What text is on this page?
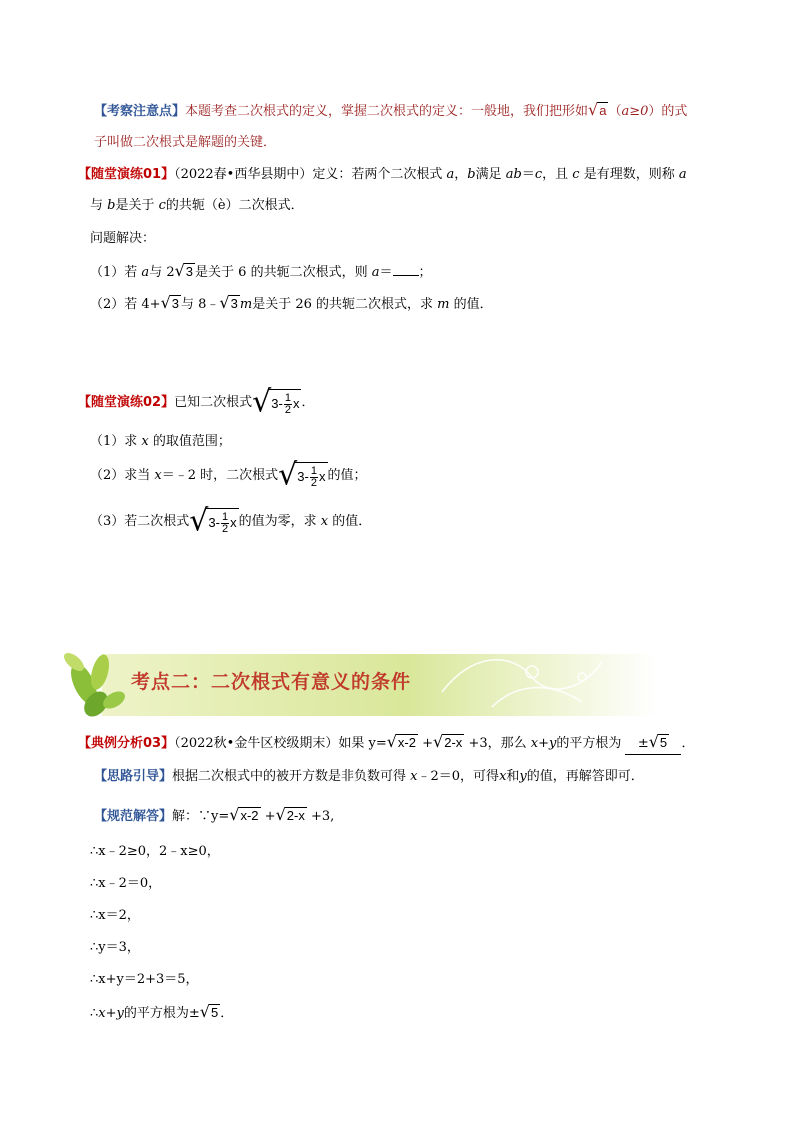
【考察注意点】本题考查二次根式的定义，掌握二次根式的定义：一般地，我们把形如√a （a≥0）的式
子叫做二次根式是解题的关键．
【随堂演练01】（2022春•西华县期中）定义：若两个二次根式 a，b满足 ab＝c，且 c 是有理数，则称 a
与 b是关于 c的共轭（è）二次根式．
问题解决：
（1）若 a与 2√3 是关于 6 的共轭二次根式，则 a＝ ；
（2）若 4+√3 与 8﹣√3 m是关于 26 的共轭二次根式，求 m 的值．
【随堂演练02】已知二次根式$√3- \frac{1}{2}$ x ．
（1）求 x 的取值范围；
（2）求当 x＝﹣2 时，二次根式$√3- \frac{1}{2}$ x 的值；
（3）若二次根式$√3- \frac{1}{2}$ x 的值为零，求 x 的值．
考点二：二次根式有意义的条件
【典例分析03】（2022秋•金牛区校级期末）如果 y=√x-2 +√2-x +3，那么 x+y的平方根为 ±√5 ．
【思路引导】根据二次根式中的被开方数是非负数可得 x﹣2＝0，可得x和y的值，再解答即可．
【规范解答】解：∵y=√x-2 +√2-x +3,
∴x﹣2≥0，2﹣x≥0，
∴x﹣2＝0，
∴x＝2，
∴y＝3，
∴x+y＝2+3＝5，
∴x+y的平方根为±√5 ．
